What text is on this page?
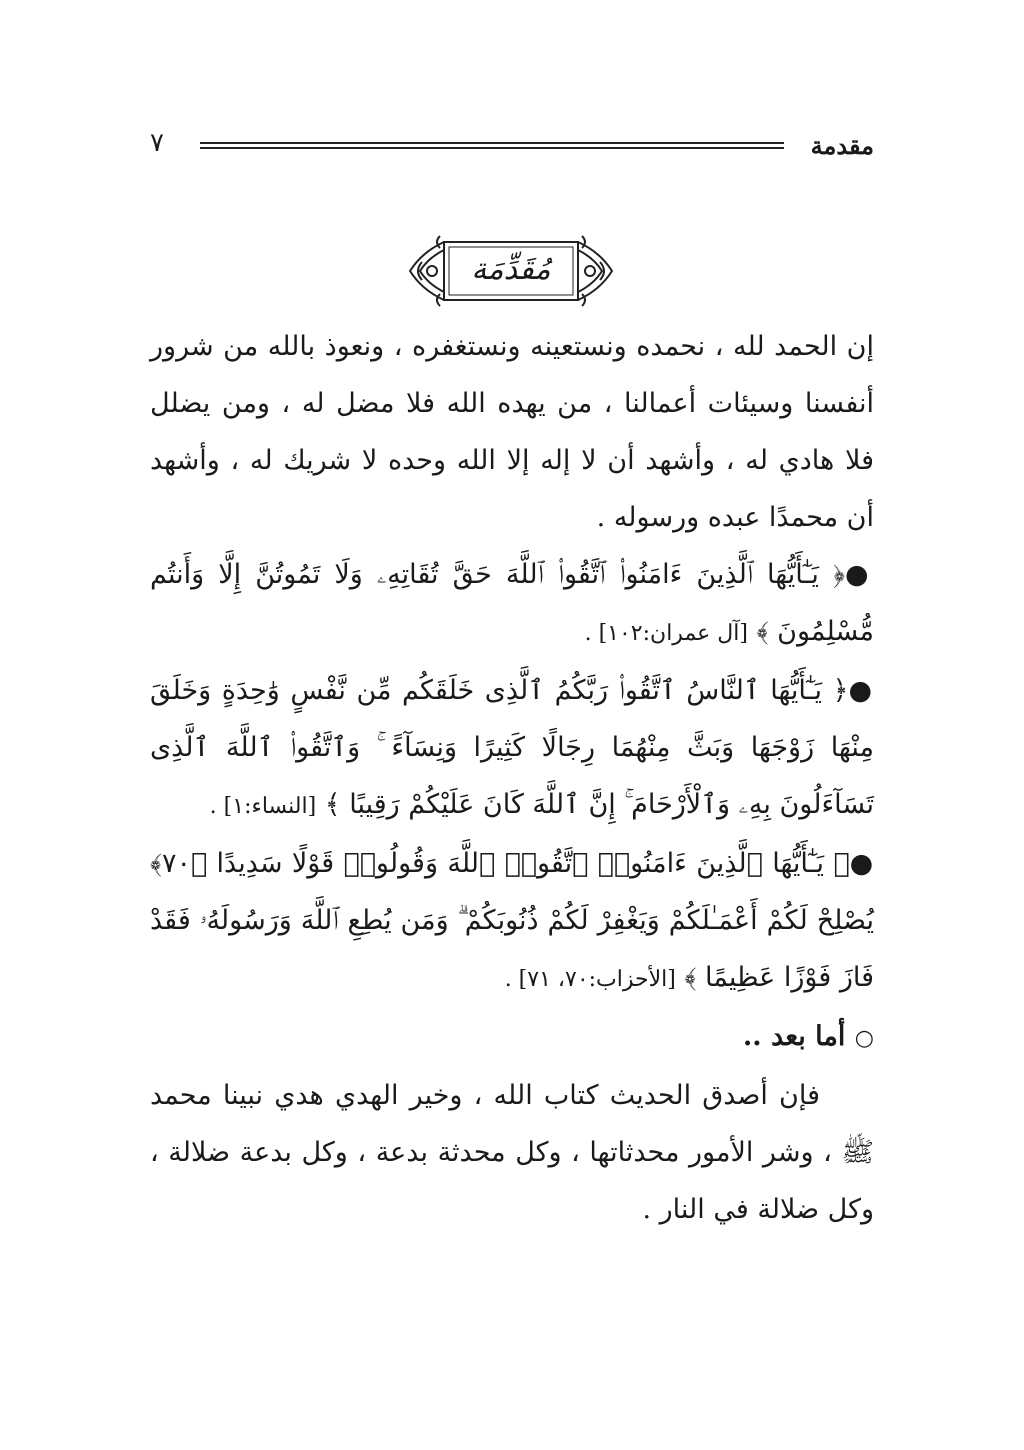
مقدمة
٧
مُقَدِّمَة

إن الحمد لله ، نحمده ونستعينه ونستغفره ، ونعوذ بالله من شرور أنفسنا وسيئات أعمالنا ، من يهده الله فلا مضل له ، ومن يضلل فلا هادي له ، وأشهد أن لا إله إلا الله وحده لا شريك له ، وأشهد أن محمدًا عبده ورسوله .

●﴿ يَـٰٓأَيُّهَا ٱلَّذِينَ ءَامَنُوا۟ ٱتَّقُوا۟ ٱللَّهَ حَقَّ تُقَاتِهِۦ وَلَا تَمُوتُنَّ إِلَّا وَأَنتُم مُّسْلِمُونَ ﴾ [آل عمران:١٠٢] .

●﴿ يَـٰٓأَيُّهَا ٱلنَّاسُ ٱتَّقُوا۟ رَبَّكُمُ ٱلَّذِى خَلَقَكُم مِّن نَّفْسٍ وَٰحِدَةٍ وَخَلَقَ مِنْهَا زَوْجَهَا وَبَثَّ مِنْهُمَا رِجَالًا كَثِيرًا وَنِسَآءً ۚ وَٱتَّقُوا۟ ٱللَّهَ ٱلَّذِى تَسَآءَلُونَ بِهِۦ وَٱلْأَرْحَامَ ۚ إِنَّ ٱللَّهَ كَانَ عَلَيْكُمْ رَقِيبًا ﴾ [النساء:١] .

●﴿ يَـٰٓأَيُّهَا ٱلَّذِينَ ءَامَنُوا۟ ٱتَّقُوا۟ ٱللَّهَ وَقُولُوا۟ قَوْلًا سَدِيدًا ﴿٧٠﴾ يُصْلِحْ لَكُمْ أَعْمَـٰلَكُمْ وَيَغْفِرْ لَكُمْ ذُنُوبَكُمْ ۗ وَمَن يُطِعِ ٱللَّهَ وَرَسُولَهُۥ فَقَدْ فَازَ فَوْزًا عَظِيمًا ﴾ [الأحزاب:٧٠، ٧١] .

○ أما بعد ..

فإن أصدق الحديث كتاب الله ، وخير الهدي هدي نبينا محمد ﷺ ، وشر الأمور محدثاتها ، وكل محدثة بدعة ، وكل بدعة ضلالة ، وكل ضلالة في النار .
